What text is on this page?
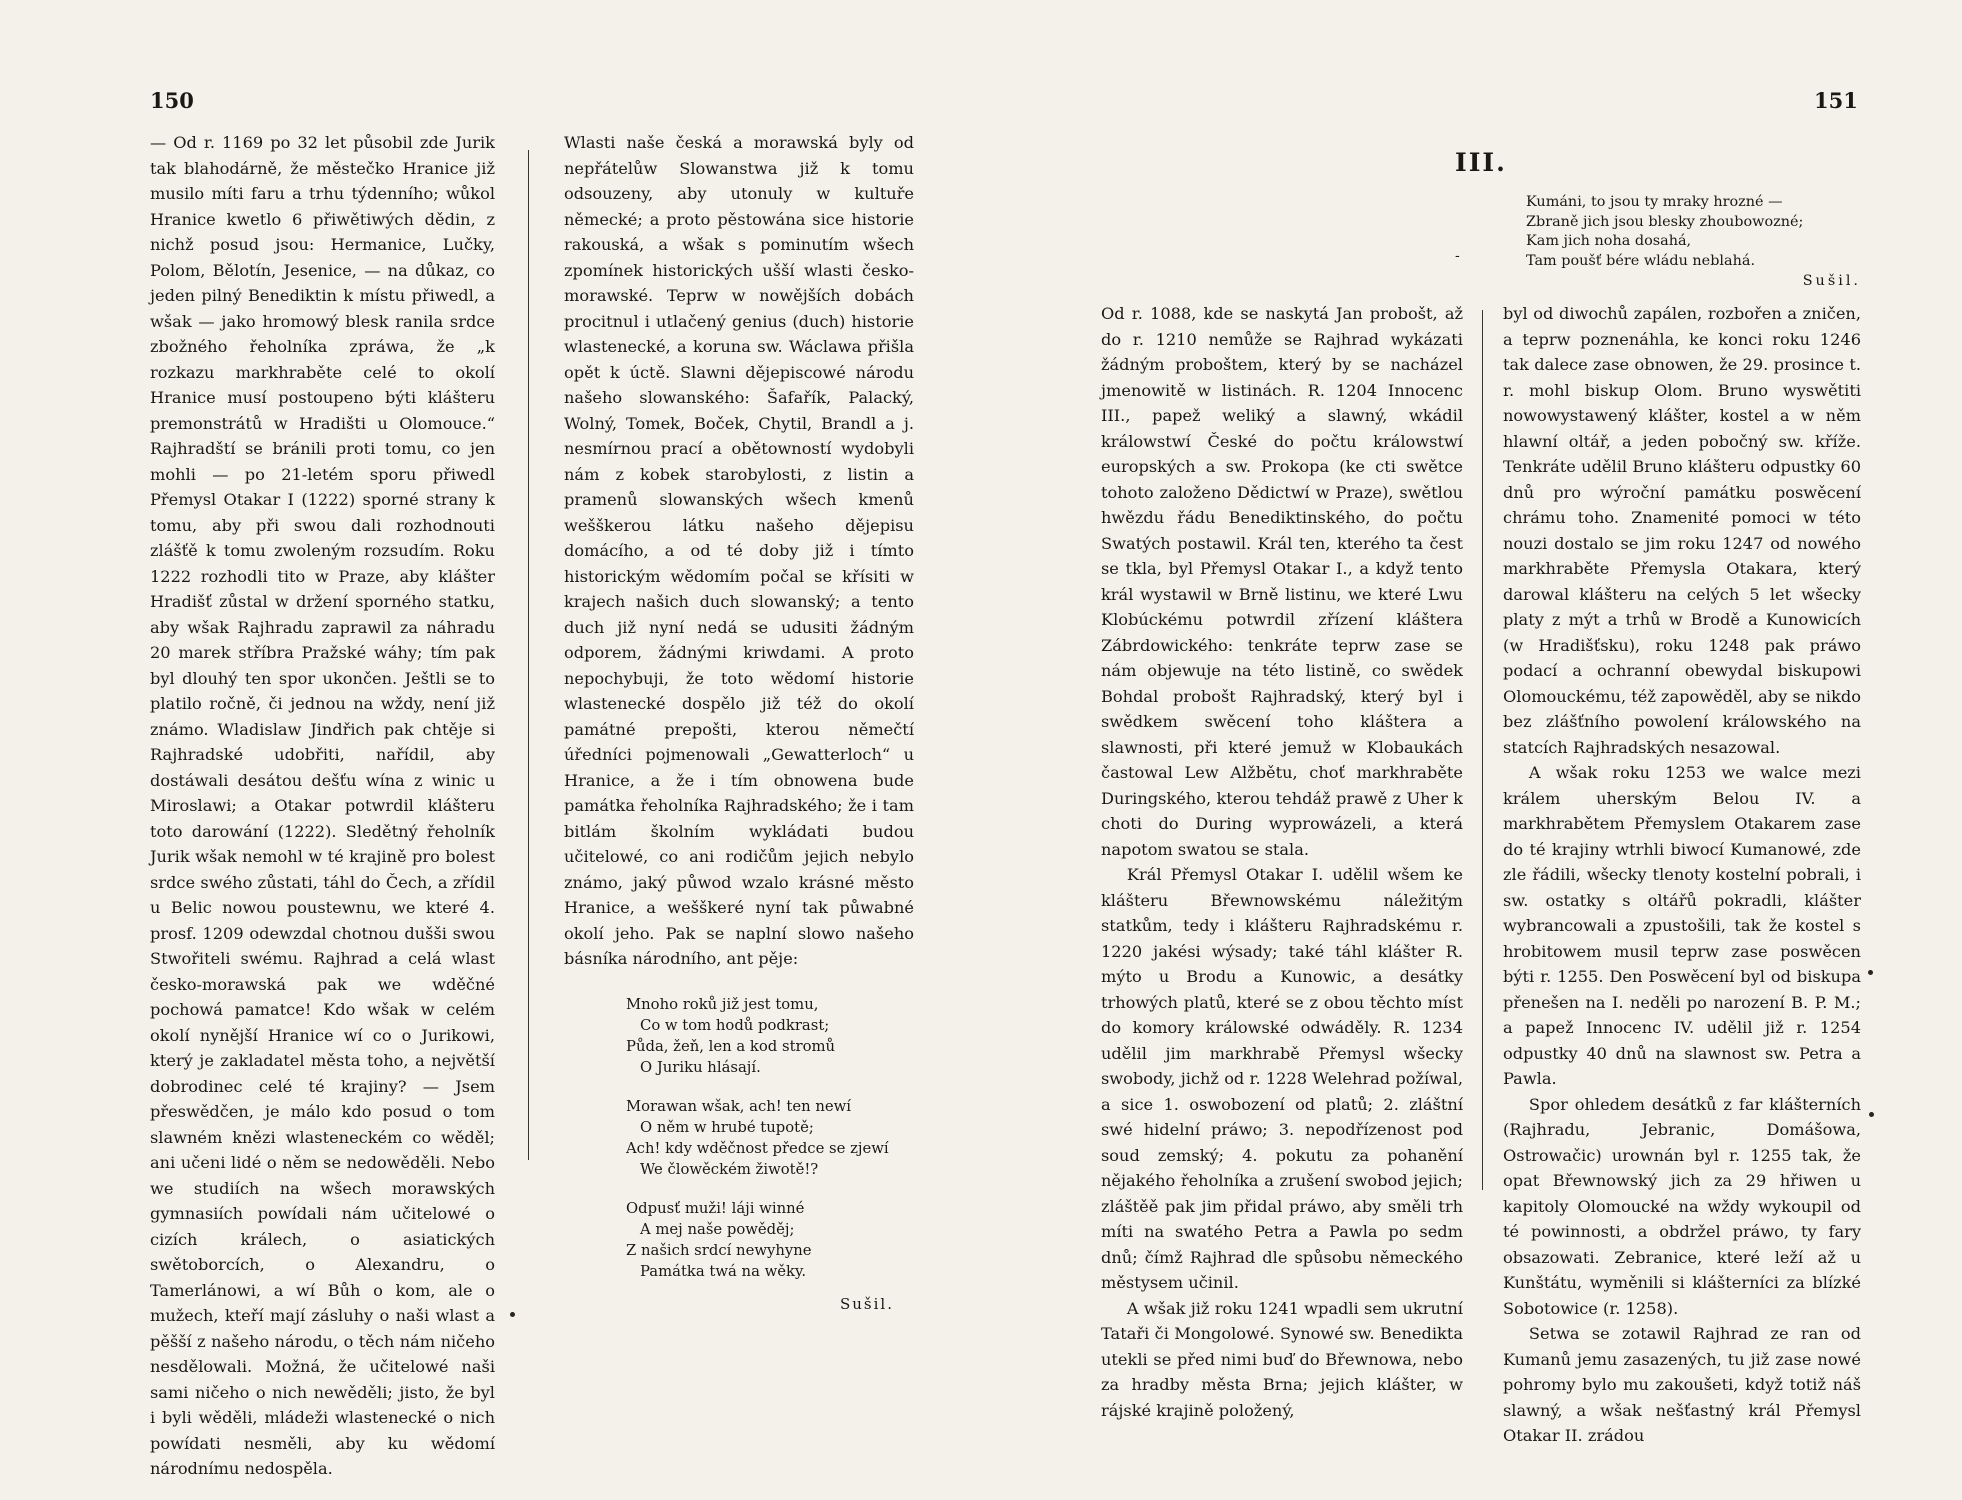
150

— Od r. 1169 po 32 let působil zde Jurik tak blahodárně, že městečko Hranice již musilo míti faru a trhu týdenního; wůkol Hranice kwetlo 6 přiwětiwých dědin, z nichž posud jsou: Hermanice, Lučky, Polom, Bělotín, Jesenice, — na důkaz, co jeden pilný Benediktin k místu přiwedl, a wšak — jako hromowý blesk ranila srdce zbožného řeholníka zpráwa, že „k rozkazu markhraběte celé to okolí Hranice musí postoupeno býti klášteru premonstrátů w Hradišti u Olomouce.“ Rajhradští se bránili proti tomu, co jen mohli — po 21-letém sporu přiwedl Přemysl Otakar I (1222) sporné strany k tomu, aby při swou dali rozhodnouti zlášťě k tomu zwoleným rozsudím. Roku 1222 rozhodli tito w Praze, aby klášter Hradišť zůstal w držení sporného statku, aby wšak Rajhradu zaprawil za náhradu 20 marek stříbra Pražské wáhy; tím pak byl dlouhý ten spor ukončen. Ještli se to platilo ročně, či jednou na wždy, není již známo. Wladislaw Jindřich pak chtěje si Rajhradské udobřiti, nařídil, aby dostáwali desátou dešťu wína z winic u Miroslawi; a Otakar potwrdil klášteru toto darowání (1222). Sledětný řeholník Jurik wšak nemohl w té krajině pro bolest srdce swého zůstati, táhl do Čech, a zřídil u Belic nowou poustewnu, we které 4. prosf. 1209 odewzdal chotnou dušši swou Stwořiteli swému. Rajhrad a celá wlast česko-morawská pak we wděčné pochowá pamatce! Kdo wšak w celém okolí nynější Hranice wí co o Jurikowi, který je zakladatel města toho, a největší dobrodinec celé té krajiny? — Jsem přeswědčen, je málo kdo posud o tom slawném knězi wlasteneckém co wěděl; ani učeni lidé o něm se nedowěděli. Nebo we studiích na wšech morawských gymnasiích powídali nám učitelowé o cizích králech, o asiatických swětoborcích, o Alexandru, o Tamerlánowi, a wí Bůh o kom, ale o mužech, kteří mají zásluhy o naši wlast a pěšší z našeho národu, o těch nám ničeho nesdělowali. Možná, že učitelowé naši sami ničeho o nich newěděli; jisto, že byl i byli wěděli, mládeži wlastenecké o nich powídati nesměli, aby ku wědomí národnímu nedospěla.

Wlasti naše česká a morawská byly od nepřátelůw Slowanstwa již k tomu odsouzeny, aby utonuly w kultuře německé; a proto pěstowána sice historie rakouská, a wšak s pominutím wšech zpomínek historických ušší wlasti česko-morawské. Teprw w nowějších dobách procitnul i utlačený genius (duch) historie wlastenecké, a koruna sw. Wáclawa přišla opět k úctě. Slawni dějepiscowé národu našeho slowanského: Šafařík, Palacký, Wolný, Tomek, Boček, Chytil, Brandl a j. nesmírnou prací a obětowností wydobyli nám z kobek starobylosti, z listin a pramenů slowanských wšech kmenů wešškerou látku našeho dějepisu domácího, a od té doby již i tímto historickým wědomím počal se křísiti w krajech našich duch slowanský; a tento duch již nyní nedá se udusiti žádným odporem, žádnými kriwdami. A proto nepochybuji, že toto wědomí historie wlastenecké dospělo již též do okolí památné prepošti, kterou němečtí úředníci pojmenowali „Gewatterloch“ u Hranice, a že i tím obnowena bude památka řeholníka Rajhradského; že i tam bitlám školním wykládati budou učitelowé, co ani rodičům jejich nebylo známo, jaký půwod wzalo krásné město Hranice, a wešškeré nyní tak půwabné okolí jeho. Pak se naplní slowo našeho básníka národního, ant pěje:

Mnoho roků již jest tomu,
Co w tom hodů podkrast;
Půda, žeň, len a kod stromů
O Juriku hlásají.
Morawan wšak, ach! ten newí
O něm w hrubé tupotě;
Ach! kdy wděčnost předce se zjewí
We člowěckém žiwotě!?
Odpusť muži! láji winné
A mej naše powěděj;
Z našich srdcí newyhyne
Památka twá na wěky.
Sušil.
151
III.
-
Kumáni, to jsou ty mraky hrozné —
Zbraně jich jsou blesky zhoubowozné;
Kam jich noha dosahá,
Tam poušť bére wládu neblahá.
Sušil.

Od r. 1088, kde se naskytá Jan probošt, až do r. 1210 nemůže se Rajhrad wykázati žádným proboštem, který by se nacházel jmenowitě w listinách. R. 1204 Innocenc III., papež weliký a slawný, wkádil králowstwí České do počtu králowstwí europských a sw. Prokopa (ke cti swětce tohoto založeno Dědictwí w Praze), swětlou hwězdu řádu Benediktinského, do počtu Swatých postawil. Král ten, kterého ta čest se tkla, byl Přemysl Otakar I., a když tento král wystawil w Brně listinu, we které Lwu Klobúckému potwrdil zřízení kláštera Zábrdowického: tenkráte teprw zase se nám objewuje na této listině, co swědek Bohdal probošt Rajhradský, který byl i swědkem swěcení toho kláštera a slawnosti, při které jemuž w Klobaukách častowal Lew Alžbětu, choť markhraběte Duringského, kterou tehdáž prawě z Uher k choti do During wyprowázeli, a která napotom swatou se stala.

Král Přemysl Otakar I. udělil wšem ke klášteru Břewnowskému náležitým statkům, tedy i klášteru Rajhradskému r. 1220 jakési wýsady; také táhl klášter R. mýto u Brodu a Kunowic, a desátky trhowých platů, které se z obou těchto míst do komory králowské odwáděly. R. 1234 udělil jim markhrabě Přemysl wšecky swobody, jichž od r. 1228 Welehrad požíwal, a sice 1. oswobození od platů; 2. zláštní swé hidelní práwo; 3. nepodřízenost pod soud zemský; 4. pokutu za pohanění nějakého řeholníka a zrušení swobod jejich; zláštěě pak jim přidal práwo, aby směli trh míti na swatého Petra a Pawla po sedm dnů; čímž Rajhrad dle spůsobu německého městysem učinil.

A wšak již roku 1241 wpadli sem ukrutní Tataři či Mongolowé. Synowé sw. Benedikta utekli se před nimi buď do Břewnowa, nebo za hradby města Brna; jejich klášter, w rájské krajině položený,

byl od diwochů zapálen, rozbořen a zničen, a teprw poznenáhla, ke konci roku 1246 tak dalece zase obnowen, že 29. prosince t. r. mohl biskup Olom. Bruno wyswětiti nowowystawený klášter, kostel a w něm hlawní oltář, a jeden pobočný sw. kříže. Tenkráte udělil Bruno klášteru odpustky 60 dnů pro wýroční památku poswěcení chrámu toho. Znamenité pomoci w této nouzi dostalo se jim roku 1247 od nowého markhraběte Přemysla Otakara, který darowal klášteru na celých 5 let wšecky platy z mýt a trhů w Brodě a Kunowicích (w Hradišťsku), roku 1248 pak práwo podací a ochranní obewydal biskupowi Olomouckému, též zapowěděl, aby se nikdo bez zlášťního powolení králowského na statcích Rajhradských nesazowal.

A wšak roku 1253 we walce mezi králem uherským Belou IV. a markhrabětem Přemyslem Otakarem zase do té krajiny wtrhli biwocí Kumanowé, zde zle řádili, wšecky tlenoty kostelní pobrali, i sw. ostatky s oltářů pokradli, klášter wybrancowali a zpustošili, tak že kostel s hrobitowem musil teprw zase poswěcen býti r. 1255. Den Poswěcení byl od biskupa přenešen na I. neděli po narození B. P. M.; a papež Innocenc IV. udělil již r. 1254 odpustky 40 dnů na slawnost sw. Petra a Pawla.

Spor ohledem desátků z far klášterních (Rajhradu, Jebranic, Domášowa, Ostrowačic) urownán byl r. 1255 tak, že opat Břewnowský jich za 29 hřiwen u kapitoly Olomoucké na wždy wykoupil od té powinnosti, a obdržel práwo, ty fary obsazowati. Zebranice, které leží až u Kunštátu, wyměnili si klášterníci za blízké Sobotowice (r. 1258).

Setwa se zotawil Rajhrad ze ran od Kumanů jemu zasazených, tu již zase nowé pohromy bylo mu zakoušeti, když totiž náš slawný, a wšak nešťastný král Přemysl Otakar II. zrádou
